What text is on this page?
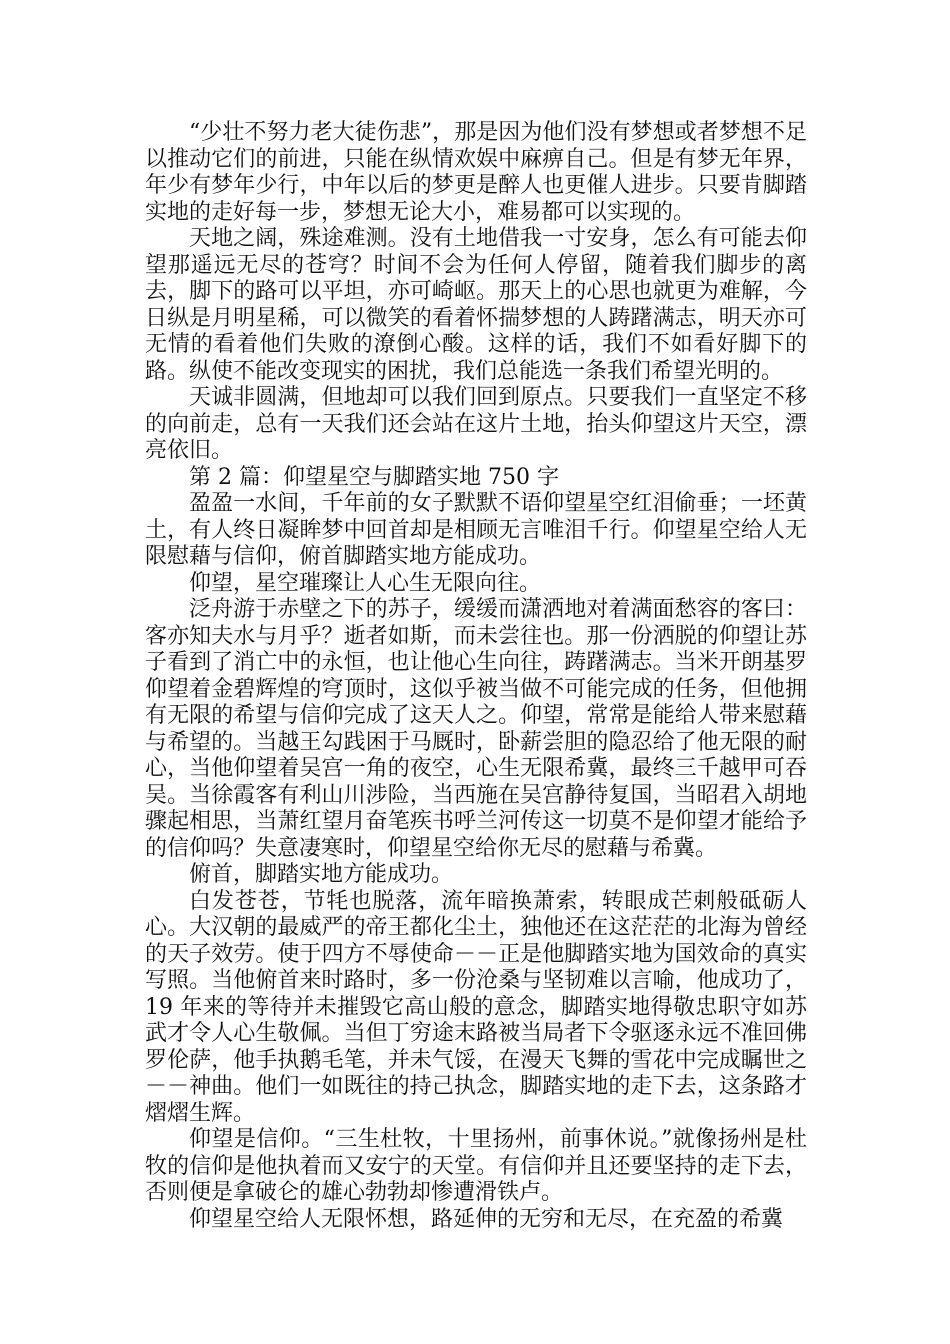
“少壮不努力老大徒伤悲”，那是因为他们没有梦想或者梦想不足以推动它们的前进，只能在纵情欢娱中麻痹自己。但是有梦无年界，年少有梦年少行，中年以后的梦更是醉人也更催人进步。只要肯脚踏实地的走好每一步，梦想无论大小，难易都可以实现的。

天地之阔，殊途难测。没有土地借我一寸安身，怎么有可能去仰望那遥远无尽的苍穹？时间不会为任何人停留，随着我们脚步的离去，脚下的路可以平坦，亦可崎岖。那天上的心思也就更为难解，今日纵是月明星稀，可以微笑的看着怀揣梦想的人踌躇满志，明天亦可无情的看着他们失败的潦倒心酸。这样的话，我们不如看好脚下的路。纵使不能改变现实的困扰，我们总能选一条我们希望光明的。

天诚非圆满，但地却可以我们回到原点。只要我们一直坚定不移的向前走，总有一天我们还会站在这片土地，抬头仰望这片天空，漂亮依旧。

第 2 篇：仰望星空与脚踏实地 750 字

盈盈一水间，千年前的女子默默不语仰望星空红泪偷垂；一坯黄土，有人终日凝眸梦中回首却是相顾无言唯泪千行。仰望星空给人无限慰藉与信仰，俯首脚踏实地方能成功。

仰望，星空璀璨让人心生无限向往。

泛舟游于赤壁之下的苏子，缓缓而潇洒地对着满面愁容的客曰：客亦知夫水与月乎？逝者如斯，而未尝往也。那一份洒脱的仰望让苏子看到了消亡中的永恒，也让他心生向往，踌躇满志。当米开朗基罗仰望着金碧辉煌的穹顶时，这似乎被当做不可能完成的任务，但他拥有无限的希望与信仰完成了这天人之。仰望，常常是能给人带来慰藉与希望的。当越王勾践困于马厩时，卧薪尝胆的隐忍给了他无限的耐心，当他仰望着吴宫一角的夜空，心生无限希冀，最终三千越甲可吞吴。当徐霞客有利山川涉险，当西施在吴宫静待复国，当昭君入胡地骤起相思，当萧红望月奋笔疾书呼兰河传这一切莫不是仰望才能给予的信仰吗？失意凄寒时，仰望星空给你无尽的慰藉与希冀。

俯首，脚踏实地方能成功。

白发苍苍，节牦也脱落，流年暗换萧索，转眼成芒刺般砥砺人心。大汉朝的最威严的帝王都化尘土，独他还在这茫茫的北海为曾经的天子效劳。使于四方不辱使命－－正是他脚踏实地为国效命的真实写照。当他俯首来时路时，多一份沧桑与坚韧难以言喻，他成功了，19 年来的等待并未摧毁它高山般的意念，脚踏实地得敬忠职守如苏武才令人心生敬佩。当但丁穷途末路被当局者下令驱逐永远不准回佛罗伦萨，他手执鹅毛笔，并未气馁，在漫天飞舞的雪花中完成瞩世之－－神曲。他们一如既往的持己执念，脚踏实地的走下去，这条路才熠熠生辉。

仰望是信仰。“三生杜牧，十里扬州，前事休说。”就像扬州是杜牧的信仰是他执着而又安宁的天堂。有信仰并且还要坚持的走下去，否则便是拿破仑的雄心勃勃却惨遭滑铁卢。

仰望星空给人无限怀想，路延伸的无穷和无尽，在充盈的希冀
